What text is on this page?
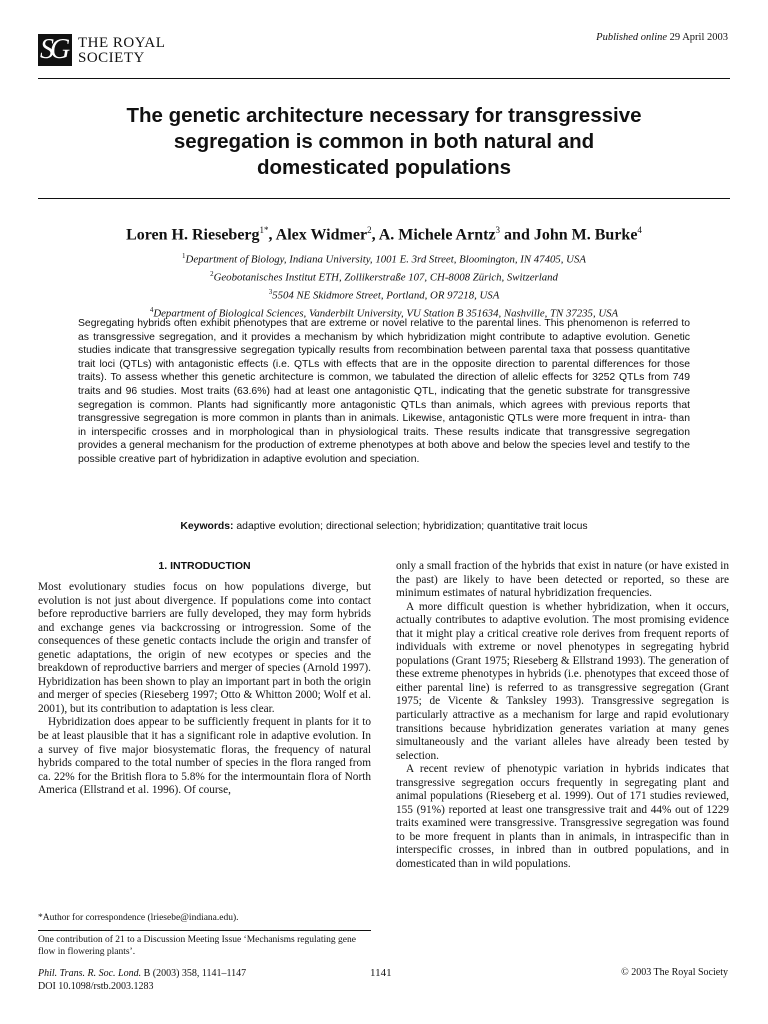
SG THE ROYAL
SOCIETY
Published online 29 April 2003
The genetic architecture necessary for transgressive
segregation is common in both natural and
domesticated populations
Loren H. Rieseberg$^{1*}$, Alex Widmer$^2$, A. Michele Arntz$^3$ and John M. Burke$^4$
$^1$Department of Biology, Indiana University, 1001 E. 3rd Street, Bloomington, IN 47405, USA
$^2$Geobotanisches Institut ETH, Zollikerstraße 107, CH-8008 Zürich, Switzerland
$^3$5504 NE Skidmore Street, Portland, OR 97218, USA
$^4$Department of Biological Sciences, Vanderbilt University, VU Station B 351634, Nashville, TN 37235, USA
Segregating hybrids often exhibit phenotypes that are extreme or novel relative to the parental lines. This phenomenon is referred to as transgressive segregation, and it provides a mechanism by which hybridization might contribute to adaptive evolution. Genetic studies indicate that transgressive segregation typically results from recombination between parental taxa that possess quantitative trait loci (QTLs) with antagonistic effects (i.e. QTLs with effects that are in the opposite direction to parental differences for those traits). To assess whether this genetic architecture is common, we tabulated the direction of allelic effects for 3252 QTLs from 749 traits and 96 studies. Most traits (63.6%) had at least one antagonistic QTL, indicating that the genetic substrate for transgressive segregation is common. Plants had significantly more antagonistic QTLs than animals, which agrees with previous reports that transgressive segregation is more common in plants than in animals. Likewise, antagonistic QTLs were more frequent in intra- than in interspecific crosses and in morphological than in physiological traits. These results indicate that transgressive segregation provides a general mechanism for the production of extreme phenotypes at both above and below the species level and testify to the possible creative part of hybridization in adaptive evolution and speciation.
Keywords: adaptive evolution; directional selection; hybridization; quantitative trait locus
1. INTRODUCTION

Most evolutionary studies focus on how populations diverge, but evolution is not just about divergence. If populations come into contact before reproductive barriers are fully developed, they may form hybrids and exchange genes via backcrossing or introgression. Some of the consequences of these genetic contacts include the origin and transfer of genetic adaptations, the origin of new ecotypes or species and the breakdown of reproductive barriers and merger of species (Arnold 1997). Hybridization has been shown to play an important part in both the origin and merger of species (Rieseberg 1997; Otto & Whitton 2000; Wolf et al. 2001), but its contribution to adaptation is less clear.

Hybridization does appear to be sufficiently frequent in plants for it to be at least plausible that it has a significant role in adaptive evolution. In a survey of five major biosystematic floras, the frequency of natural hybrids compared to the total number of species in the flora ranged from ca. 22% for the British flora to 5.8% for the intermountain flora of North America (Ellstrand et al. 1996). Of course,

only a small fraction of the hybrids that exist in nature (or have existed in the past) are likely to have been detected or reported, so these are minimum estimates of natural hybridization frequencies.

A more difficult question is whether hybridization, when it occurs, actually contributes to adaptive evolution. The most promising evidence that it might play a critical creative role derives from frequent reports of individuals with extreme or novel phenotypes in segregating hybrid populations (Grant 1975; Rieseberg & Ellstrand 1993). The generation of these extreme phenotypes in hybrids (i.e. phenotypes that exceed those of either parental line) is referred to as transgressive segregation (Grant 1975; de Vicente & Tanksley 1993). Transgressive segregation is particularly attractive as a mechanism for large and rapid evolutionary transitions because hybridization generates variation at many genes simultaneously and the variant alleles have already been tested by selection.

A recent review of phenotypic variation in hybrids indicates that transgressive segregation occurs frequently in segregating plant and animal populations (Rieseberg et al. 1999). Out of 171 studies reviewed, 155 (91%) reported at least one transgressive trait and 44% out of 1229 traits examined were transgressive. Transgressive segregation was found to be more frequent in plants than in animals, in intraspecific than in interspecific crosses, in inbred than in outbred populations, and in domesticated than in wild populations.

*Author for correspondence (lriesebe@indiana.edu).
One contribution of 21 to a Discussion Meeting Issue ‘Mechanisms regulating gene flow in flowering plants’.
Phil. Trans. R. Soc. Lond. B (2003) 358, 1141–1147
DOI 10.1098/rstb.2003.1283
1141	© 2003 The Royal Society
